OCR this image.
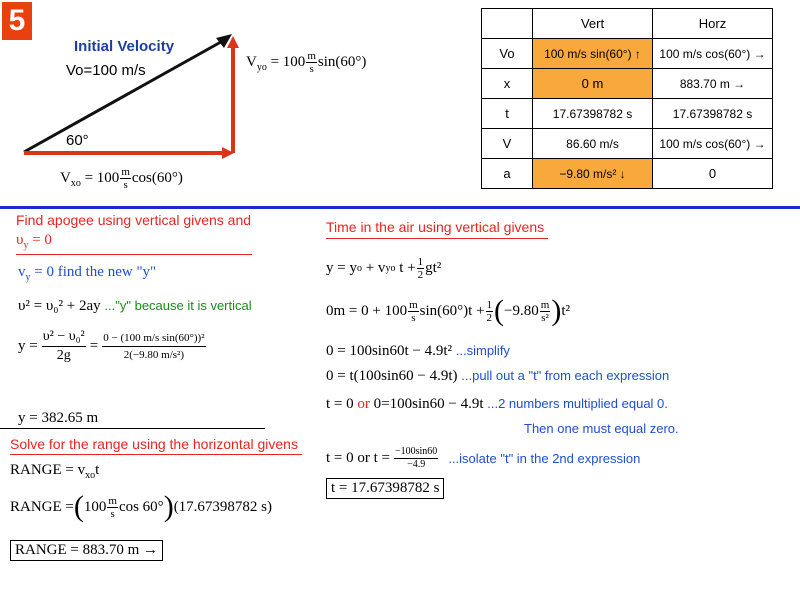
5
Initial Velocity
Vo=100 m/s
60°
$V_{yo} = 100 \frac{m}{s} \sin(60^\circ)$
$V_{xo} = 100 \frac{m}{s} \cos(60^\circ)$
	Vert	Horz
Vo	100 m/s sin(60°) ↑	100 m/s cos(60°) →
x	0 m	883.70 m →
t	17.67398782 s	17.67398782 s
V	86.60 m/s	100 m/s cos(60°) →
a	−9.80 m/s² ↓	0
Find apogee using vertical givens and
$\upsilon_y = 0$
$v_y = 0$ find the new "y"
υ² = υ₀² + 2ay ..."y" because it is vertical
$y = \frac{\text{υ² − υ₀²}}{2g} = \frac{\text{0 − (100 m/s sin(60°))²}}{\text{2(−9.80 m/s²)}}$
y = 382.65 m
Solve for the range using the horizontal givens
RANGE = $v_{xo}t$
RANGE = ( $100 \frac{m}{s}$ cos 60° ) (17.67398782 s)
RANGE = 883.70 m →
Time in the air using vertical givens
y = y o
+ v yo
$t + \frac{1}{2} gt^2$
$0m = 0 + 100 \frac{m}{s} \sin(60^\circ)t + \frac{1}{2}$ ( $-9.80 \frac{m}{\text{s²}}$ ) t²
0 = 100sin60t − 4.9t² ...simplify
0 = t(100sin60 − 4.9t) ...pull out a "t" from each expression
t = 0 or 0=100sin60 − 4.9t ...2 numbers multiplied equal 0.
Then one must equal zero.
t = 0 or $t = \frac{-100\sin 60}{-4.9}$ ...isolate "t" in the 2nd expression
t = 17.67398782 s
